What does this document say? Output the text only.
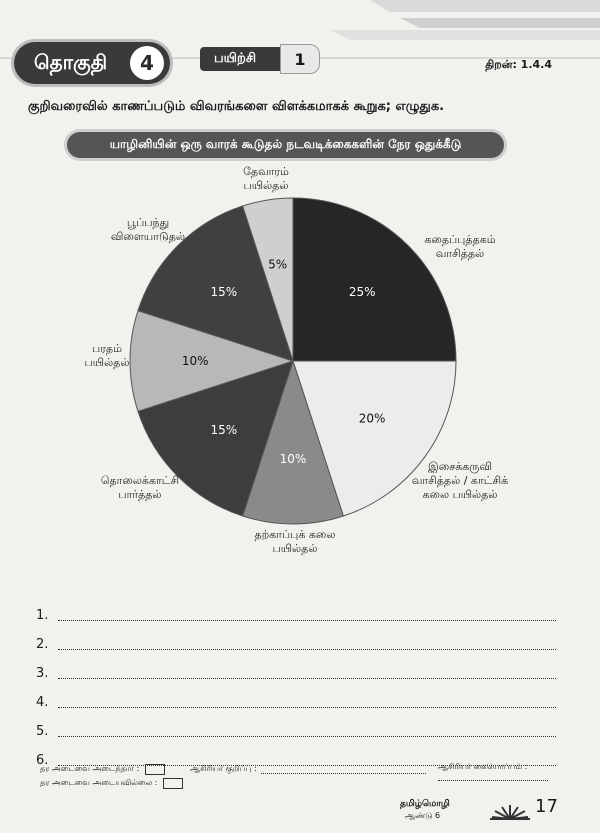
தொகுதி	4	பயிற்சி	1	திறன்: 1.4.4
குறிவரைவில் காணப்படும் விவரங்களை விளக்கமாகக் கூறுக; எழுதுக.
யாழினியின் ஒரு வாரக் கூடுதல் நடவடிக்கைகளின் நேர ஒதுக்கீடு
25%
கதைப்புத்தகம் வாசித்தல்
20%
இசைக்கருவி வாசித்தல் / காட்சிக் கலை பயில்தல்
10%
தற்காப்புக் கலை பயில்தல்
15%
தொலைக்காட்சி பார்த்தல்
10%
பரதம் பயில்தல்
15%
பூப்பந்து விளையாடுதல்
5%
தேவாரம் பயில்தல்
1.
2.
3.
4.
5.
6.
தர அடைவை அடைந்தார் :
தர அடைவை அடையவில்லை :
ஆசிரியர் குறிப்பு :	ஆசிரியர் கையொப்பம் :
தமிழ்மொழி
ஆண்டு 6	17
